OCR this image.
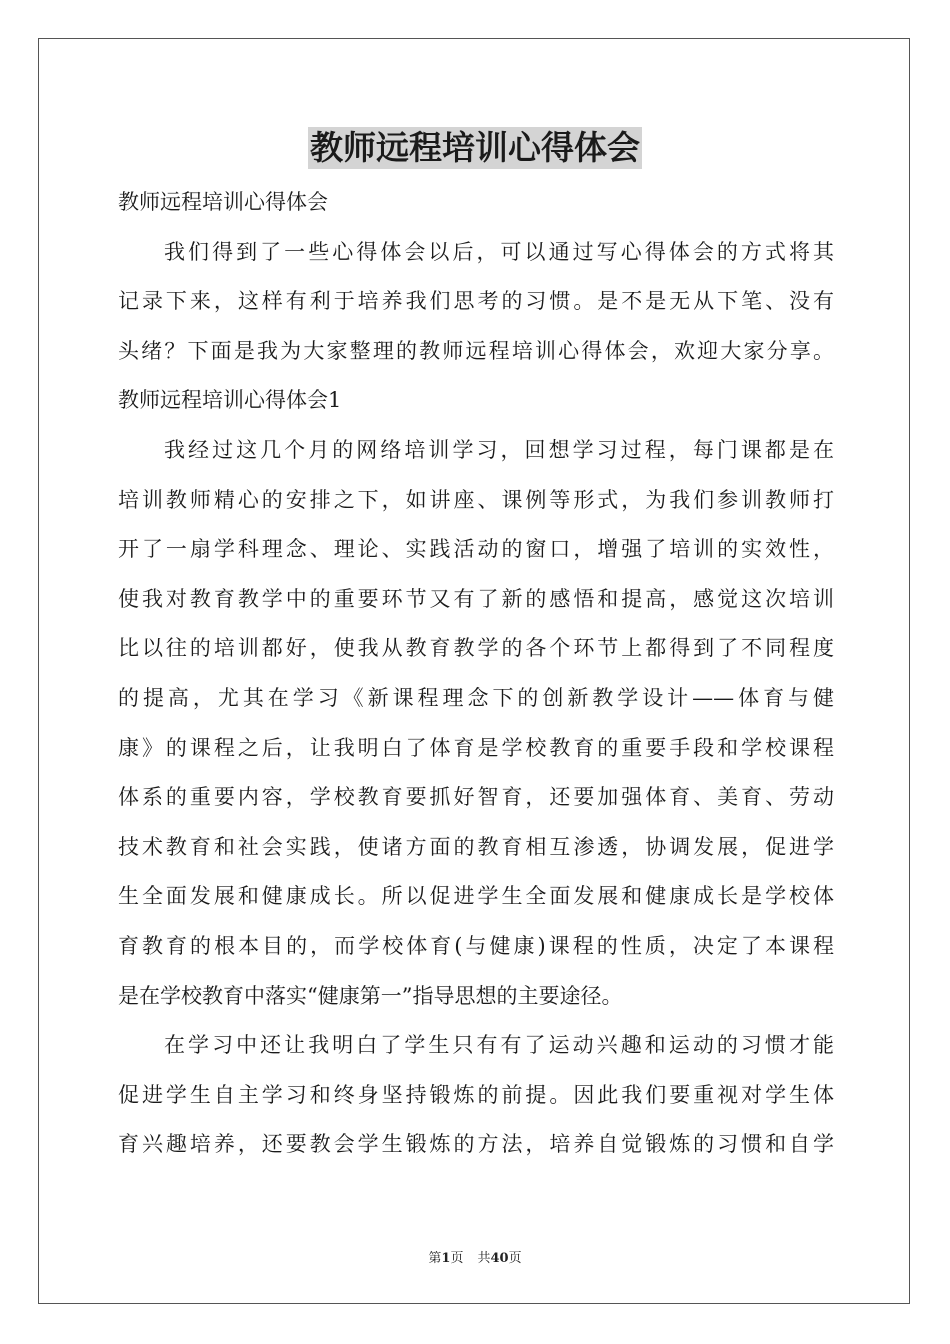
教师远程培训心得体会
教师远程培训心得体会
我们得到了一些心得体会以后，可以通过写心得体会的方式将其
记录下来，这样有利于培养我们思考的习惯。是不是无从下笔、没有
头绪？下面是我为大家整理的教师远程培训心得体会，欢迎大家分享。
教师远程培训心得体会1
我经过这几个月的网络培训学习，回想学习过程，每门课都是在
培训教师精心的安排之下，如讲座、课例等形式，为我们参训教师打
开了一扇学科理念、理论、实践活动的窗口，增强了培训的实效性，
使我对教育教学中的重要环节又有了新的感悟和提高，感觉这次培训
比以往的培训都好，使我从教育教学的各个环节上都得到了不同程度
的提高，尤其在学习《新课程理念下的创新教学设计——体育与健
康》的课程之后，让我明白了体育是学校教育的重要手段和学校课程
体系的重要内容，学校教育要抓好智育，还要加强体育、美育、劳动
技术教育和社会实践，使诸方面的教育相互渗透，协调发展，促进学
生全面发展和健康成长。所以促进学生全面发展和健康成长是学校体
育教育的根本目的，而学校体育(与健康)课程的性质，决定了本课程
是在学校教育中落实“健康第一”指导思想的主要途径。
在学习中还让我明白了学生只有有了运动兴趣和运动的习惯才能
促进学生自主学习和终身坚持锻炼的前提。因此我们要重视对学生体
育兴趣培养，还要教会学生锻炼的方法，培养自觉锻炼的习惯和自学
第1页 共40页
